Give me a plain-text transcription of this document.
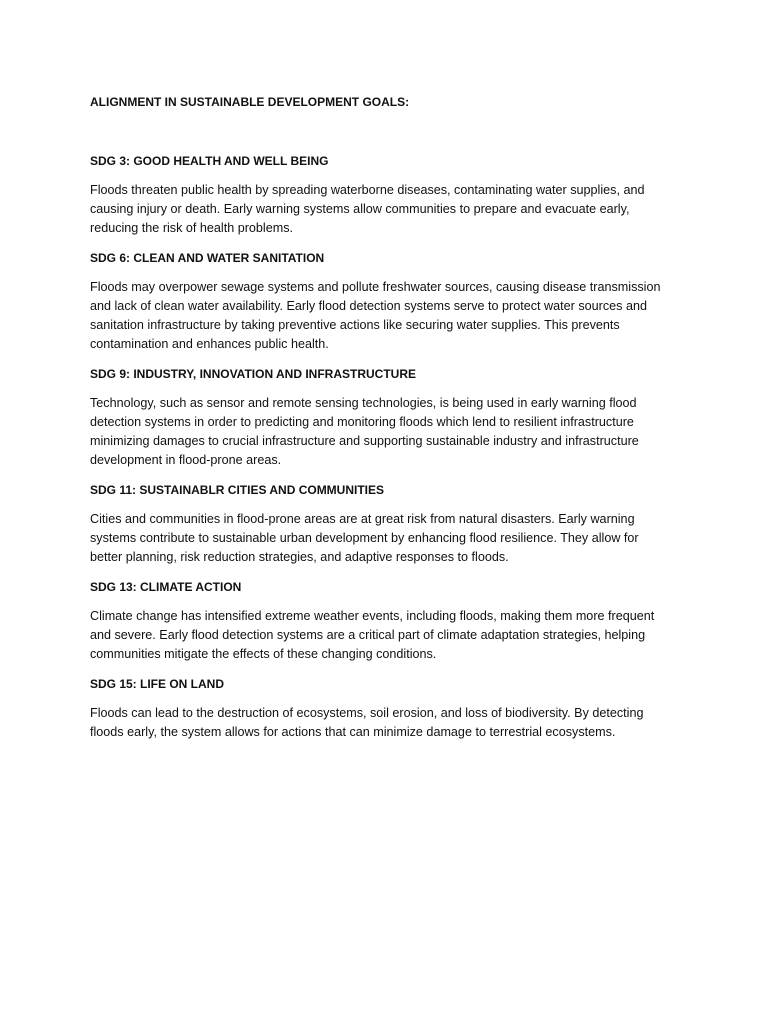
ALIGNMENT IN SUSTAINABLE DEVELOPMENT GOALS:
SDG 3: GOOD HEALTH AND WELL BEING

Floods threaten public health by spreading waterborne diseases, contaminating water supplies, and causing injury or death. Early warning systems allow communities to prepare and evacuate early, reducing the risk of health problems.

SDG 6: CLEAN AND WATER SANITATION

Floods may overpower sewage systems and pollute freshwater sources, causing disease transmission and lack of clean water availability. Early flood detection systems serve to protect water sources and sanitation infrastructure by taking preventive actions like securing water supplies. This prevents contamination and enhances public health.

SDG 9: INDUSTRY, INNOVATION AND INFRASTRUCTURE

Technology, such as sensor and remote sensing technologies, is being used in early warning flood detection systems in order to predicting and monitoring floods which lend to resilient infrastructure minimizing damages to crucial infrastructure and supporting sustainable industry and infrastructure development in flood-prone areas.

SDG 11: SUSTAINABLR CITIES AND COMMUNITIES

Cities and communities in flood-prone areas are at great risk from natural disasters. Early warning systems contribute to sustainable urban development by enhancing flood resilience. They allow for better planning, risk reduction strategies, and adaptive responses to floods.

SDG 13: CLIMATE ACTION

Climate change has intensified extreme weather events, including floods, making them more frequent and severe. Early flood detection systems are a critical part of climate adaptation strategies, helping communities mitigate the effects of these changing conditions.

SDG 15: LIFE ON LAND

Floods can lead to the destruction of ecosystems, soil erosion, and loss of biodiversity. By detecting floods early, the system allows for actions that can minimize damage to terrestrial ecosystems.
